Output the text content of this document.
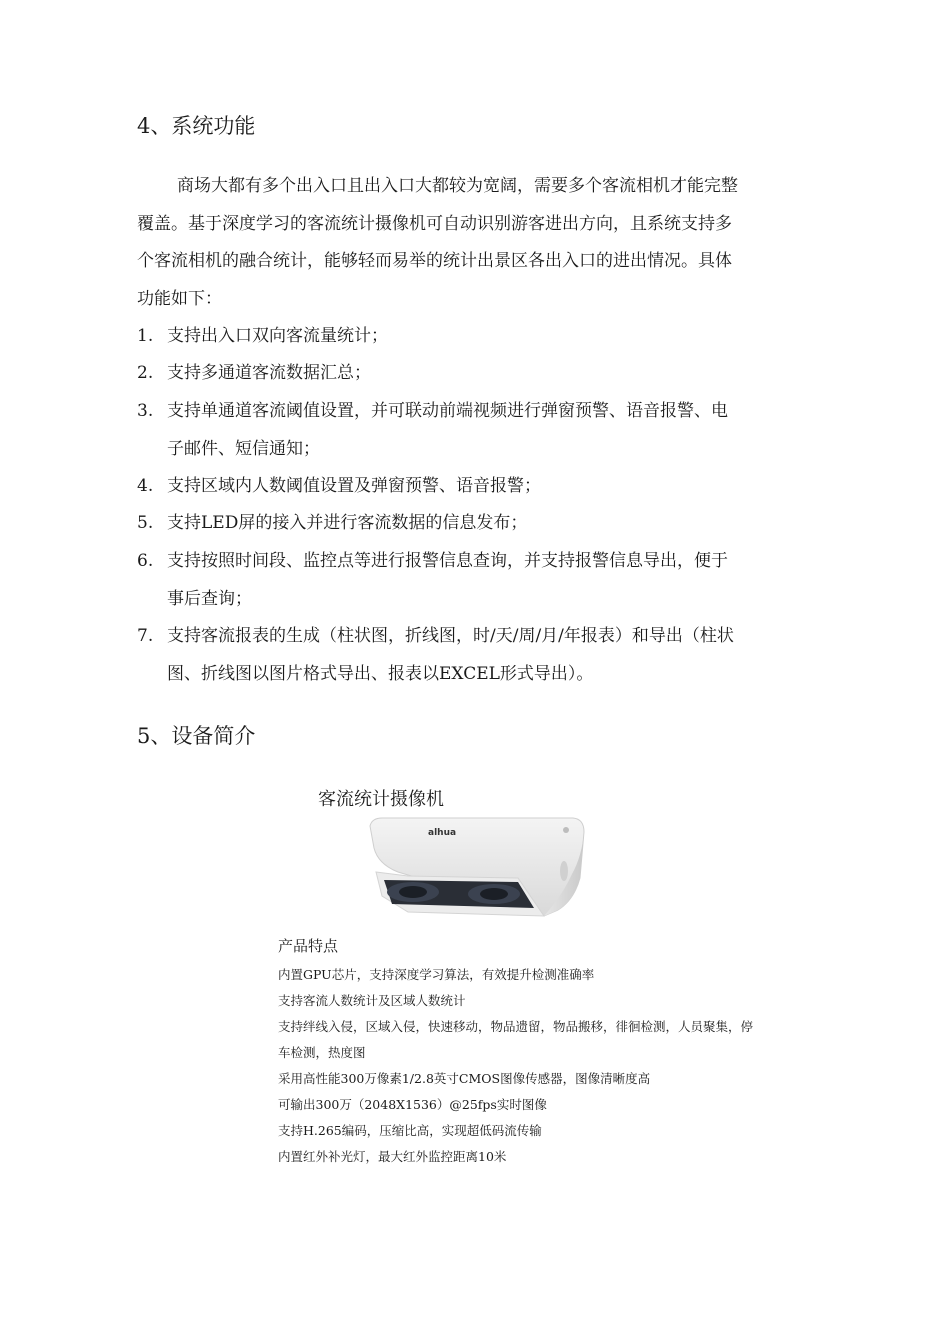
4、系统功能
商场大都有多个出入口且出入口大都较为宽阔，需要多个客流相机才能完整
覆盖。基于深度学习的客流统计摄像机可自动识别游客进出方向，且系统支持多
个客流相机的融合统计，能够轻而易举的统计出景区各出入口的进出情况。具体
功能如下：
1. 支持出入口双向客流量统计；
2. 支持多通道客流数据汇总；
3. 支持单通道客流阈值设置，并可联动前端视频进行弹窗预警、语音报警、电
子邮件、短信通知；
4. 支持区域内人数阈值设置及弹窗预警、语音报警；
5. 支持LED屏的接入并进行客流数据的信息发布；
6. 支持按照时间段、监控点等进行报警信息查询，并支持报警信息导出，便于
事后查询；
7. 支持客流报表的生成（柱状图，折线图，时/天/周/月/年报表）和导出（柱状
图、折线图以图片格式导出、报表以EXCEL形式导出）。
5、设备简介
客流统计摄像机
alhua
产品特点
内置GPU芯片，支持深度学习算法，有效提升检测准确率
支持客流人数统计及区域人数统计
支持绊线入侵，区域入侵，快速移动，物品遗留，物品搬移，徘徊检测，人员聚集，停
车检测，热度图
采用高性能300万像素1/2.8英寸CMOS图像传感器，图像清晰度高
可输出300万（2048X1536）@25fps实时图像
支持H.265编码，压缩比高，实现超低码流传输
内置红外补光灯，最大红外监控距离10米
